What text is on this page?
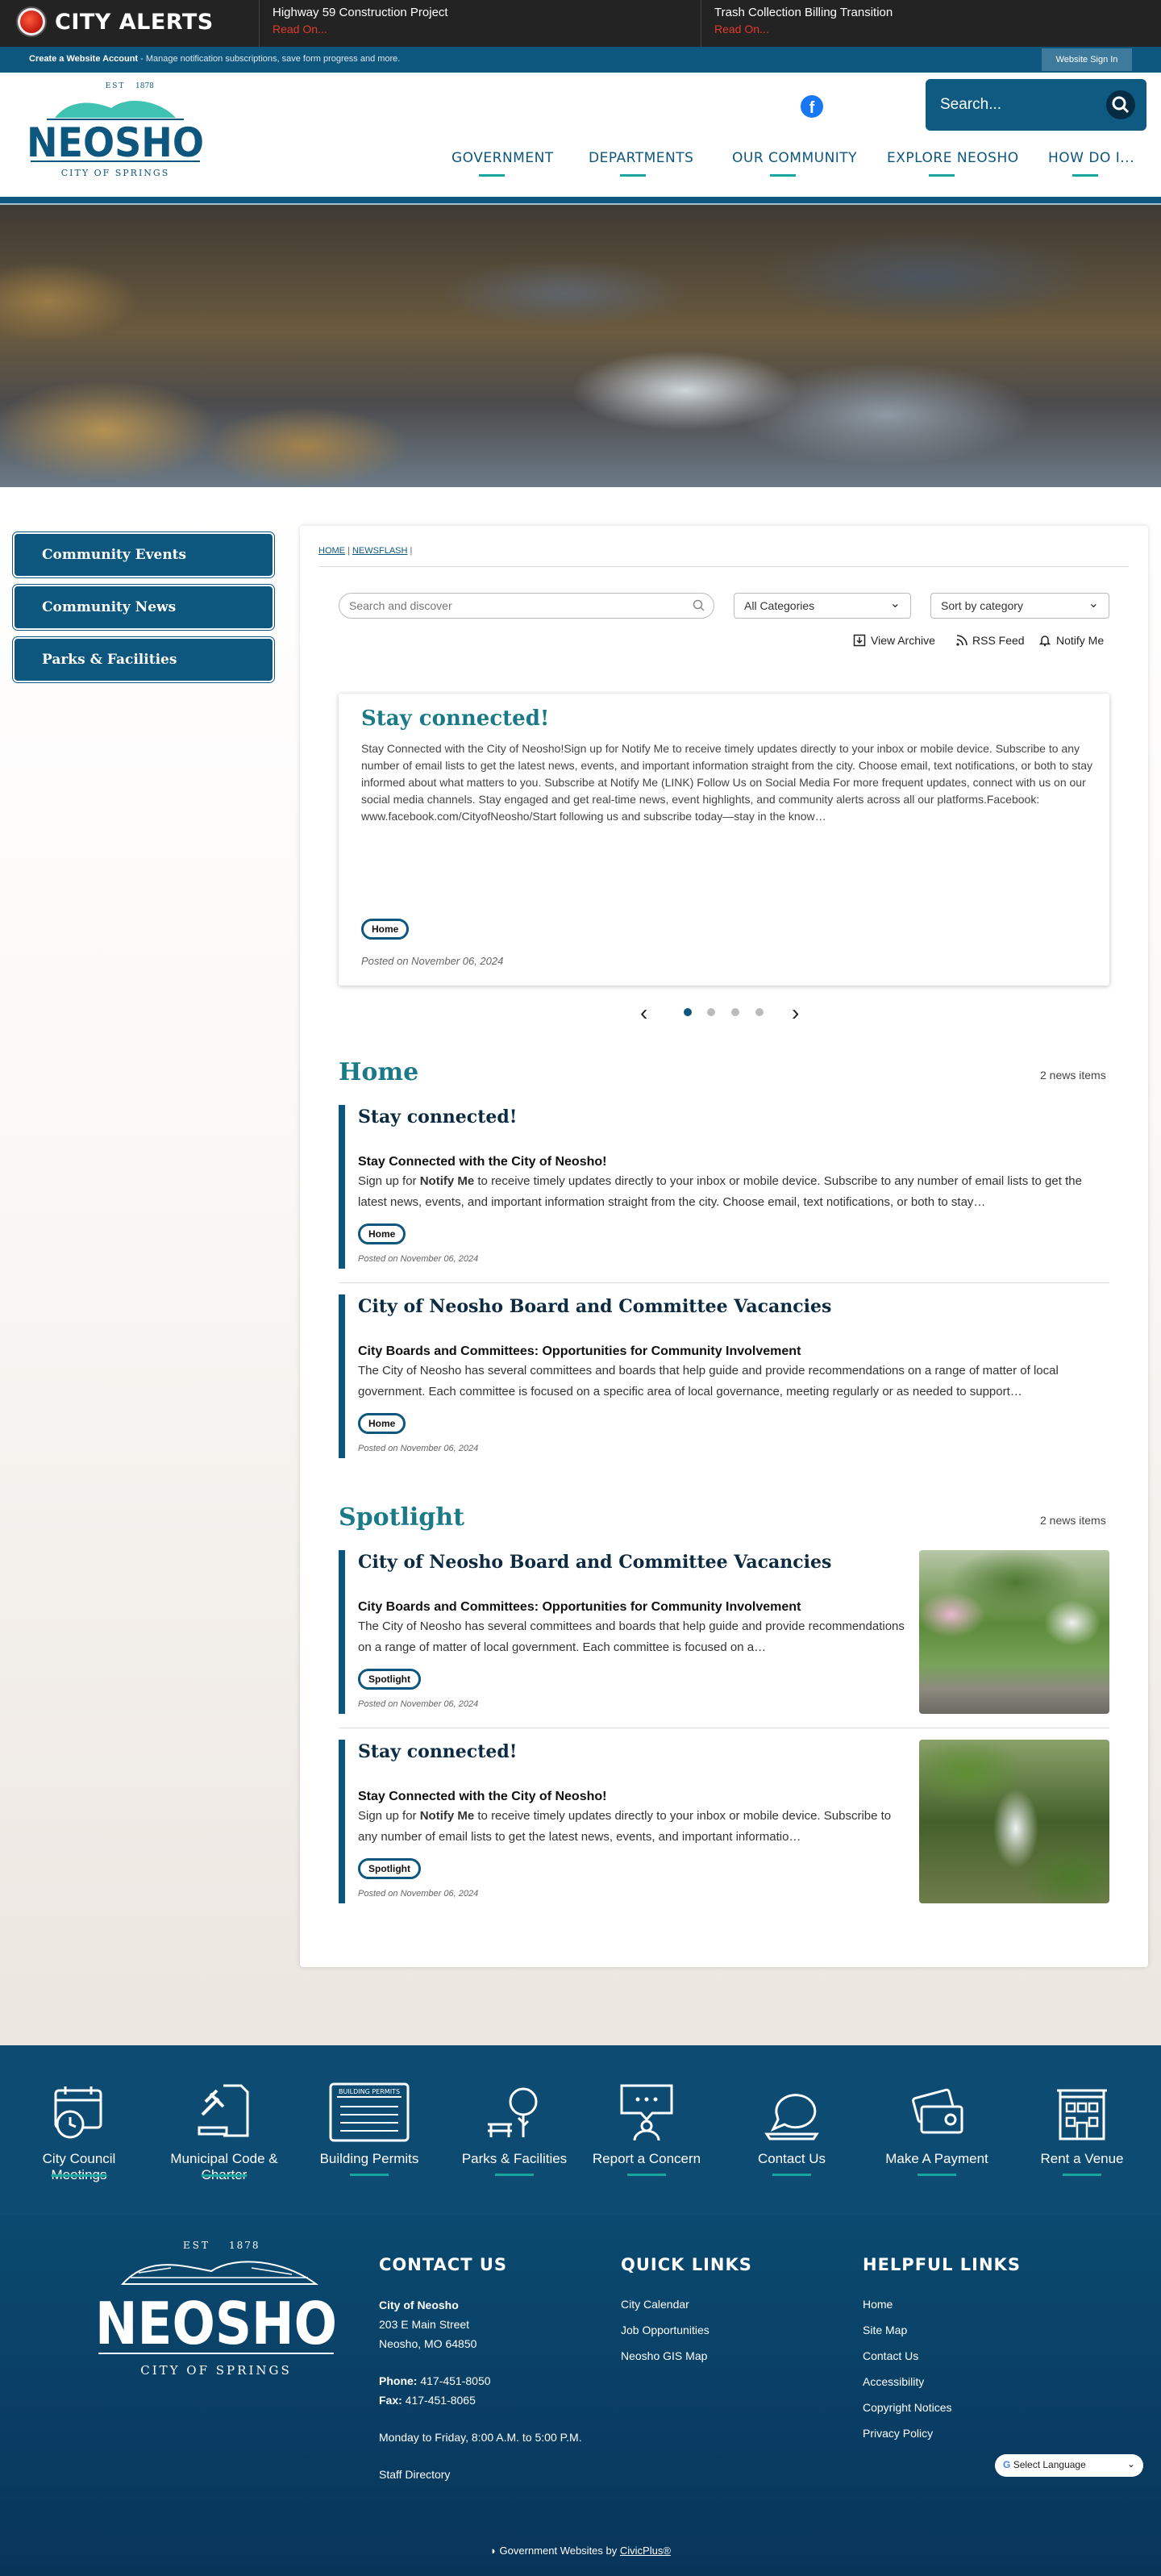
CITY ALERTS	Highway 59 Construction Project
Read On...
Trash Collection Billing Transition
Read On...
Create a Website Account - Manage notification subscriptions, save form progress and more.	Website Sign In
EST 1878
NEOSHO
CITY OF SPRINGS
f
Search...
GOVERNMENT	DEPARTMENTS	OUR COMMUNITY EXPLORE NEOSHO HOW DO I...
Community Events
Community News
Parks & Facilities
HOME | NEWSFLASH |
Search and discover	All Categories ⌄	Sort by category ⌄
View Archive	RSS Feed	Notify Me
Stay connected!
Stay Connected with the City of Neosho!Sign up for Notify Me to receive timely updates directly to your inbox or mobile device. Subscribe to any number of email lists to get the latest news, events, and important information straight from the city. Choose email, text notifications, or both to stay informed about what matters to you. Subscribe at Notify Me (LINK) Follow Us on Social Media For more frequent updates, connect with us on our social media channels. Stay engaged and get real-time news, event highlights, and community alerts across all our platforms.Facebook: www.facebook.com/CityofNeosho/Start following us and subscribe today—stay in the know…
Home
Posted on November 06, 2024
‹	›
Home	2 news items
Stay connected!
Stay Connected with the City of Neosho!
Sign up for Notify Me to receive timely updates directly to your inbox or mobile device. Subscribe to any number of email lists to get the latest news, events, and important information straight from the city. Choose email, text notifications, or both to stay…
Home
Posted on November 06, 2024
City of Neosho Board and Committee Vacancies
City Boards and Committees: Opportunities for Community Involvement
The City of Neosho has several committees and boards that help guide and provide recommendations on a range of matter of local government. Each committee is focused on a specific area of local governance, meeting regularly or as needed to support…
Home
Posted on November 06, 2024
Spotlight	2 news items
City of Neosho Board and Committee Vacancies
City Boards and Committees: Opportunities for Community Involvement
The City of Neosho has several committees and boards that help guide and provide recommendations on a range of matter of local government. Each committee is focused on a…
Spotlight
Posted on November 06, 2024
Stay connected!
Stay Connected with the City of Neosho!
Sign up for Notify Me to receive timely updates directly to your inbox or mobile device. Subscribe to any number of email lists to get the latest news, events, and important informatio…
Spotlight
Posted on November 06, 2024
City Council
Meetings
Municipal Code &
Charter
BUILDING PERMITS
Building Permits	Parks & Facilities	Report a Concern	Contact Us	Make A Payment	Rent a Venue
EST 1878
NEOSHO
CITY OF SPRINGS
CONTACT US
City of Neosho
203 E Main Street
Neosho, MO 64850
Phone: 417-451-8050
Fax: 417-451-8065
Monday to Friday, 8:00 A.M. to 5:00 P.M.
Staff Directory
QUICK LINKS
City Calendar
Job Opportunities
Neosho GIS Map
HELPFUL LINKS
Home
Site Map
Contact Us
Accessibility
Copyright Notices
Privacy Policy
G Select Language	⌄
◗ Government Websites by CivicPlus®
